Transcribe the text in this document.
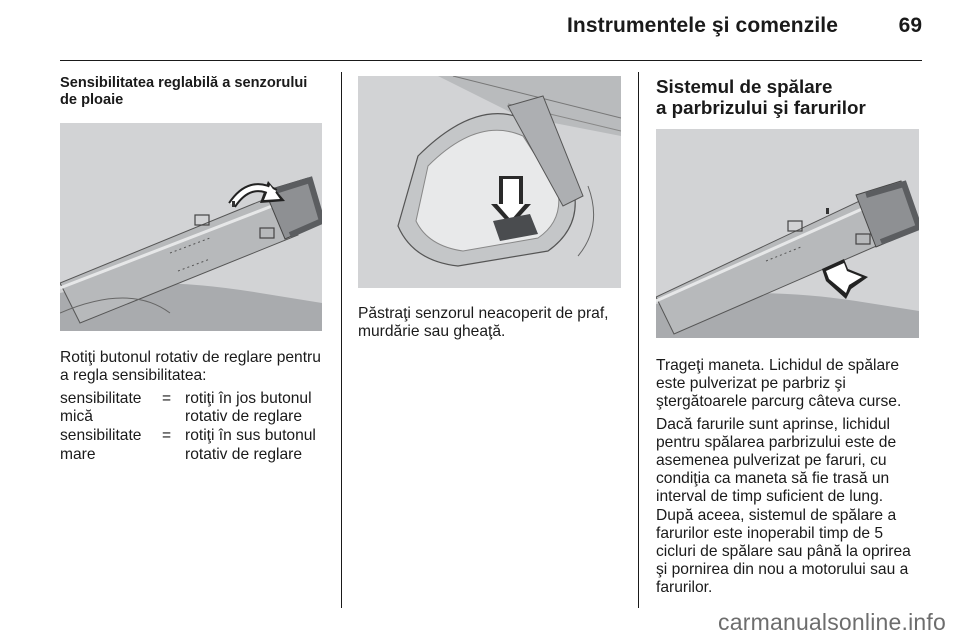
Instrumentele şi comenzile	69

Sensibilitatea reglabilă a senzorului de ploaie

Rotiţi butonul rotativ de reglare pentru a regla sensibilitatea:

sensibilitate mică
= rotiţi în jos butonul rotativ de reglare
sensibilitate mare
= rotiţi în sus butonul rotativ de reglare

Păstraţi senzorul neacoperit de praf, murdărie sau gheaţă.

Sistemul de spălare

a parbrizului şi farurilor

Trageţi maneta. Lichidul de spălare este pulverizat pe parbriz şi ştergătoarele parcurg câteva curse.

Dacă farurile sunt aprinse, lichidul pentru spălarea parbrizului este de asemenea pulverizat pe faruri, cu condiţia ca maneta să fie trasă un interval de timp suficient de lung. După aceea, sistemul de spălare a farurilor este inoperabil timp de 5 cicluri de spălare sau până la oprirea şi pornirea din nou a motorului sau a farurilor.

carmanualsonline.info
